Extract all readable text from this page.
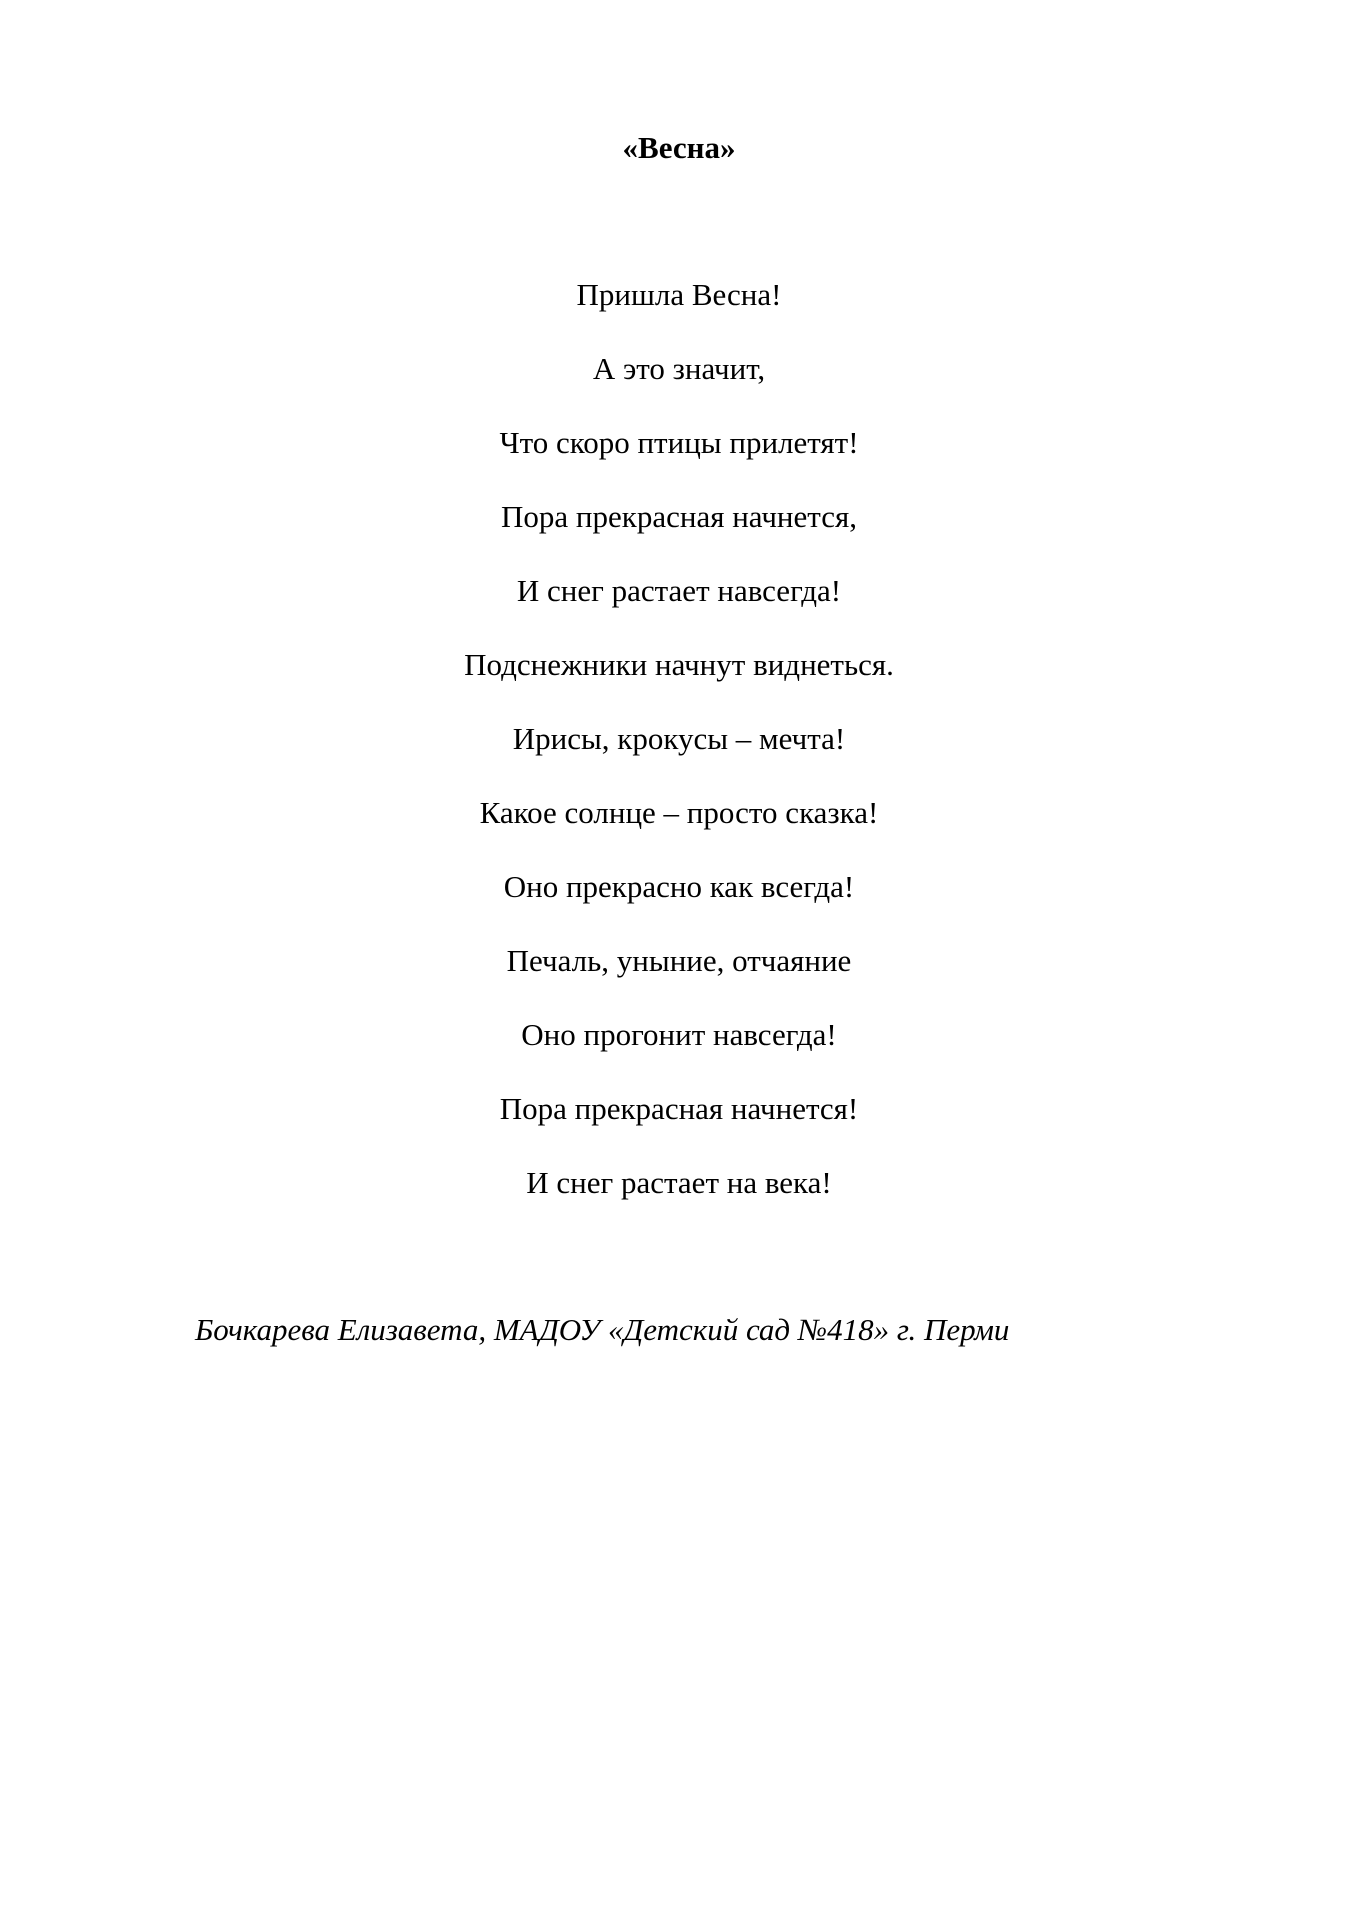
«Весна»
Пришла Весна!
А это значит,
Что скоро птицы прилетят!
Пора прекрасная начнется,
И снег растает навсегда!
Подснежники начнут виднеться.
Ирисы, крокусы – мечта!
Какое солнце – просто сказка!
Оно прекрасно как всегда!
Печаль, уныние, отчаяние
Оно прогонит навсегда!
Пора прекрасная начнется!
И снег растает на века!

Бочкарева Елизавета, МАДОУ «Детский сад №418» г. Перми
